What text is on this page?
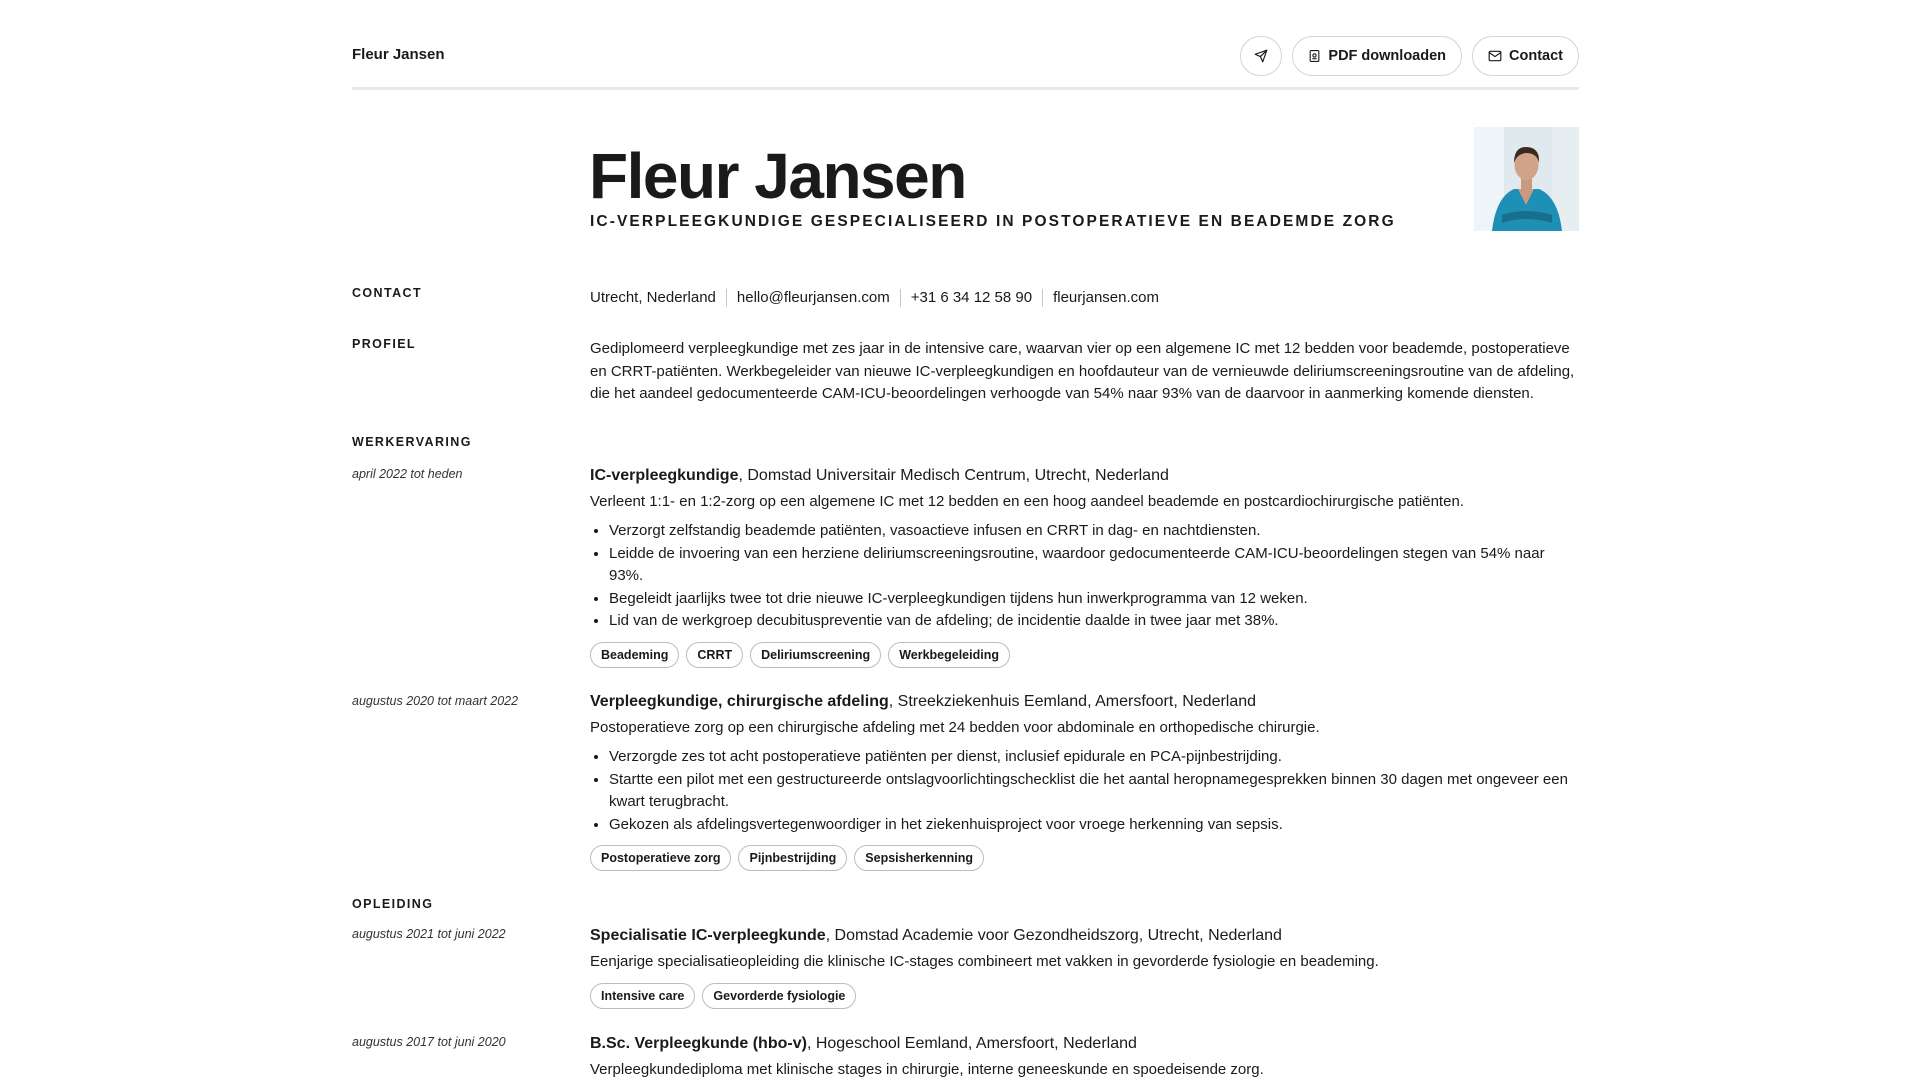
Fleur Jansen	PDF downloaden	Contact
Fleur Jansen
IC-VERPLEEGKUNDIGE GESPECIALISEERD IN POSTOPERATIEVE EN BEADEMDE ZORG
CONTACT	Utrecht, Nederland hello@fleurjansen.com +31 6 34 12 58 90 fleurjansen.com
PROFIEL	Gediplomeerd verpleegkundige met zes jaar in de intensive care, waarvan vier op een algemene IC met 12 bedden voor beademde, postoperatieve en CRRT-patiënten. Werkbegeleider van nieuwe IC-verpleegkundigen en hoofdauteur van de vernieuwde deliriumscreeningsroutine van de afdeling, die het aandeel gedocumenteerde CAM-ICU-beoordelingen verhoogde van 54% naar 93% van de daarvoor in aanmerking komende diensten.
WERKERVARING
april 2022 tot heden	IC-verpleegkundige, Domstad Universitair Medisch Centrum, Utrecht, Nederland
Verleent 1:1- en 1:2-zorg op een algemene IC met 12 bedden en een hoog aandeel beademde en postcardiochirurgische patiënten.
• Verzorgt zelfstandig beademde patiënten, vasoactieve infusen en CRRT in dag- en nachtdiensten.
• Leidde de invoering van een herziene deliriumscreeningsroutine, waardoor gedocumenteerde CAM-ICU-beoordelingen stegen van 54% naar 93%.
• Begeleidt jaarlijks twee tot drie nieuwe IC-verpleegkundigen tijdens hun inwerkprogramma van 12 weken.
• Lid van de werkgroep decubituspreventie van de afdeling; de incidentie daalde in twee jaar met 38%.
Beademing	CRRT	Deliriumscreening	Werkbegeleiding
augustus 2020 tot maart 2022	Verpleegkundige, chirurgische afdeling, Streekziekenhuis Eemland, Amersfoort, Nederland
Postoperatieve zorg op een chirurgische afdeling met 24 bedden voor abdominale en orthopedische chirurgie.
• Verzorgde zes tot acht postoperatieve patiënten per dienst, inclusief epidurale en PCA-pijnbestrijding.
• Startte een pilot met een gestructureerde ontslagvoorlichtingschecklist die het aantal heropnamegesprekken binnen 30 dagen met ongeveer een kwart terugbracht.
• Gekozen als afdelingsvertegenwoordiger in het ziekenhuisproject voor vroege herkenning van sepsis.
Postoperatieve zorg	Pijnbestrijding	Sepsisherkenning
OPLEIDING
augustus 2021 tot juni 2022	Specialisatie IC-verpleegkunde, Domstad Academie voor Gezondheidszorg, Utrecht, Nederland
Eenjarige specialisatieopleiding die klinische IC-stages combineert met vakken in gevorderde fysiologie en beademing.
Intensive care	Gevorderde fysiologie
augustus 2017 tot juni 2020	B.Sc. Verpleegkunde (hbo-v), Hogeschool Eemland, Amersfoort, Nederland
Verpleegkundediploma met klinische stages in chirurgie, interne geneeskunde en spoedeisende zorg.
